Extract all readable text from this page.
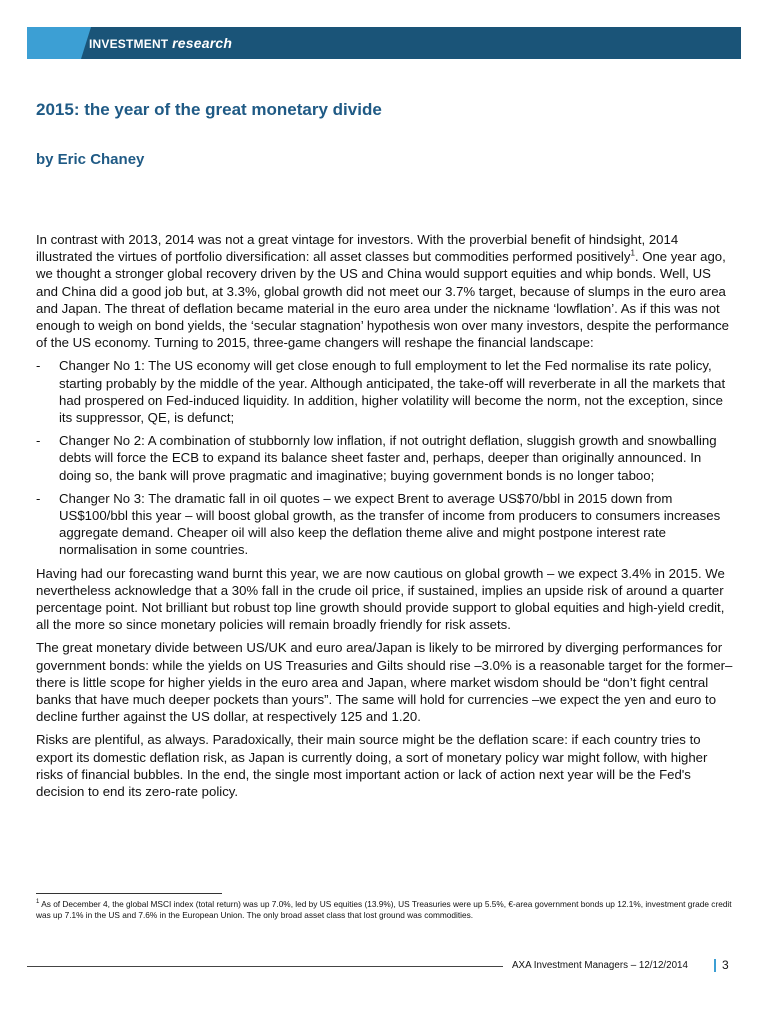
INVESTMENT research
2015: the year of the great monetary divide
by Eric Chaney

In contrast with 2013, 2014 was not a great vintage for investors. With the proverbial benefit of hindsight, 2014 illustrated the virtues of portfolio diversification: all asset classes but commodities performed positively$^1$. One year ago, we thought a stronger global recovery driven by the US and China would support equities and whip bonds. Well, US and China did a good job but, at 3.3%, global growth did not meet our 3.7% target, because of slumps in the euro area and Japan. The threat of deflation became material in the euro area under the nickname ‘lowflation’. As if this was not enough to weigh on bond yields, the ‘secular stagnation’ hypothesis won over many investors, despite the performance of the US economy. Turning to 2015, three-game changers will reshape the financial landscape:

- Changer No 1: The US economy will get close enough to full employment to let the Fed normalise its rate policy, starting probably by the middle of the year. Although anticipated, the take-off will reverberate in all the markets that had prospered on Fed-induced liquidity. In addition, higher volatility will become the norm, not the exception, since its suppressor, QE, is defunct;
- Changer No 2: A combination of stubbornly low inflation, if not outright deflation, sluggish growth and snowballing debts will force the ECB to expand its balance sheet faster and, perhaps, deeper than originally announced. In doing so, the bank will prove pragmatic and imaginative; buying government bonds is no longer taboo;
- Changer No 3: The dramatic fall in oil quotes – we expect Brent to average US$70/bbl in 2015 down from US$100/bbl this year – will boost global growth, as the transfer of income from producers to consumers increases aggregate demand. Cheaper oil will also keep the deflation theme alive and might postpone interest rate normalisation in some countries.

Having had our forecasting wand burnt this year, we are now cautious on global growth – we expect 3.4% in 2015. We nevertheless acknowledge that a 30% fall in the crude oil price, if sustained, implies an upside risk of around a quarter percentage point. Not brilliant but robust top line growth should provide support to global equities and high-yield credit, all the more so since monetary policies will remain broadly friendly for risk assets.

The great monetary divide between US/UK and euro area/Japan is likely to be mirrored by diverging performances for government bonds: while the yields on US Treasuries and Gilts should rise –3.0% is a reasonable target for the former– there is little scope for higher yields in the euro area and Japan, where market wisdom should be “don’t fight central banks that have much deeper pockets than yours”. The same will hold for currencies –we expect the yen and euro to decline further against the US dollar, at respectively 125 and 1.20.

Risks are plentiful, as always. Paradoxically, their main source might be the deflation scare: if each country tries to export its domestic deflation risk, as Japan is currently doing, a sort of monetary policy war might follow, with higher risks of financial bubbles. In the end, the single most important action or lack of action next year will be the Fed's decision to end its zero-rate policy.

$^1$ As of December 4, the global MSCI index (total return) was up 7.0%, led by US equities (13.9%), US Treasuries were up 5.5%, €-area government bonds up 12.1%, investment grade credit was up 7.1% in the US and 7.6% in the European Union. The only broad asset class that lost ground was commodities.
AXA Investment Managers – 12/12/2014	3
